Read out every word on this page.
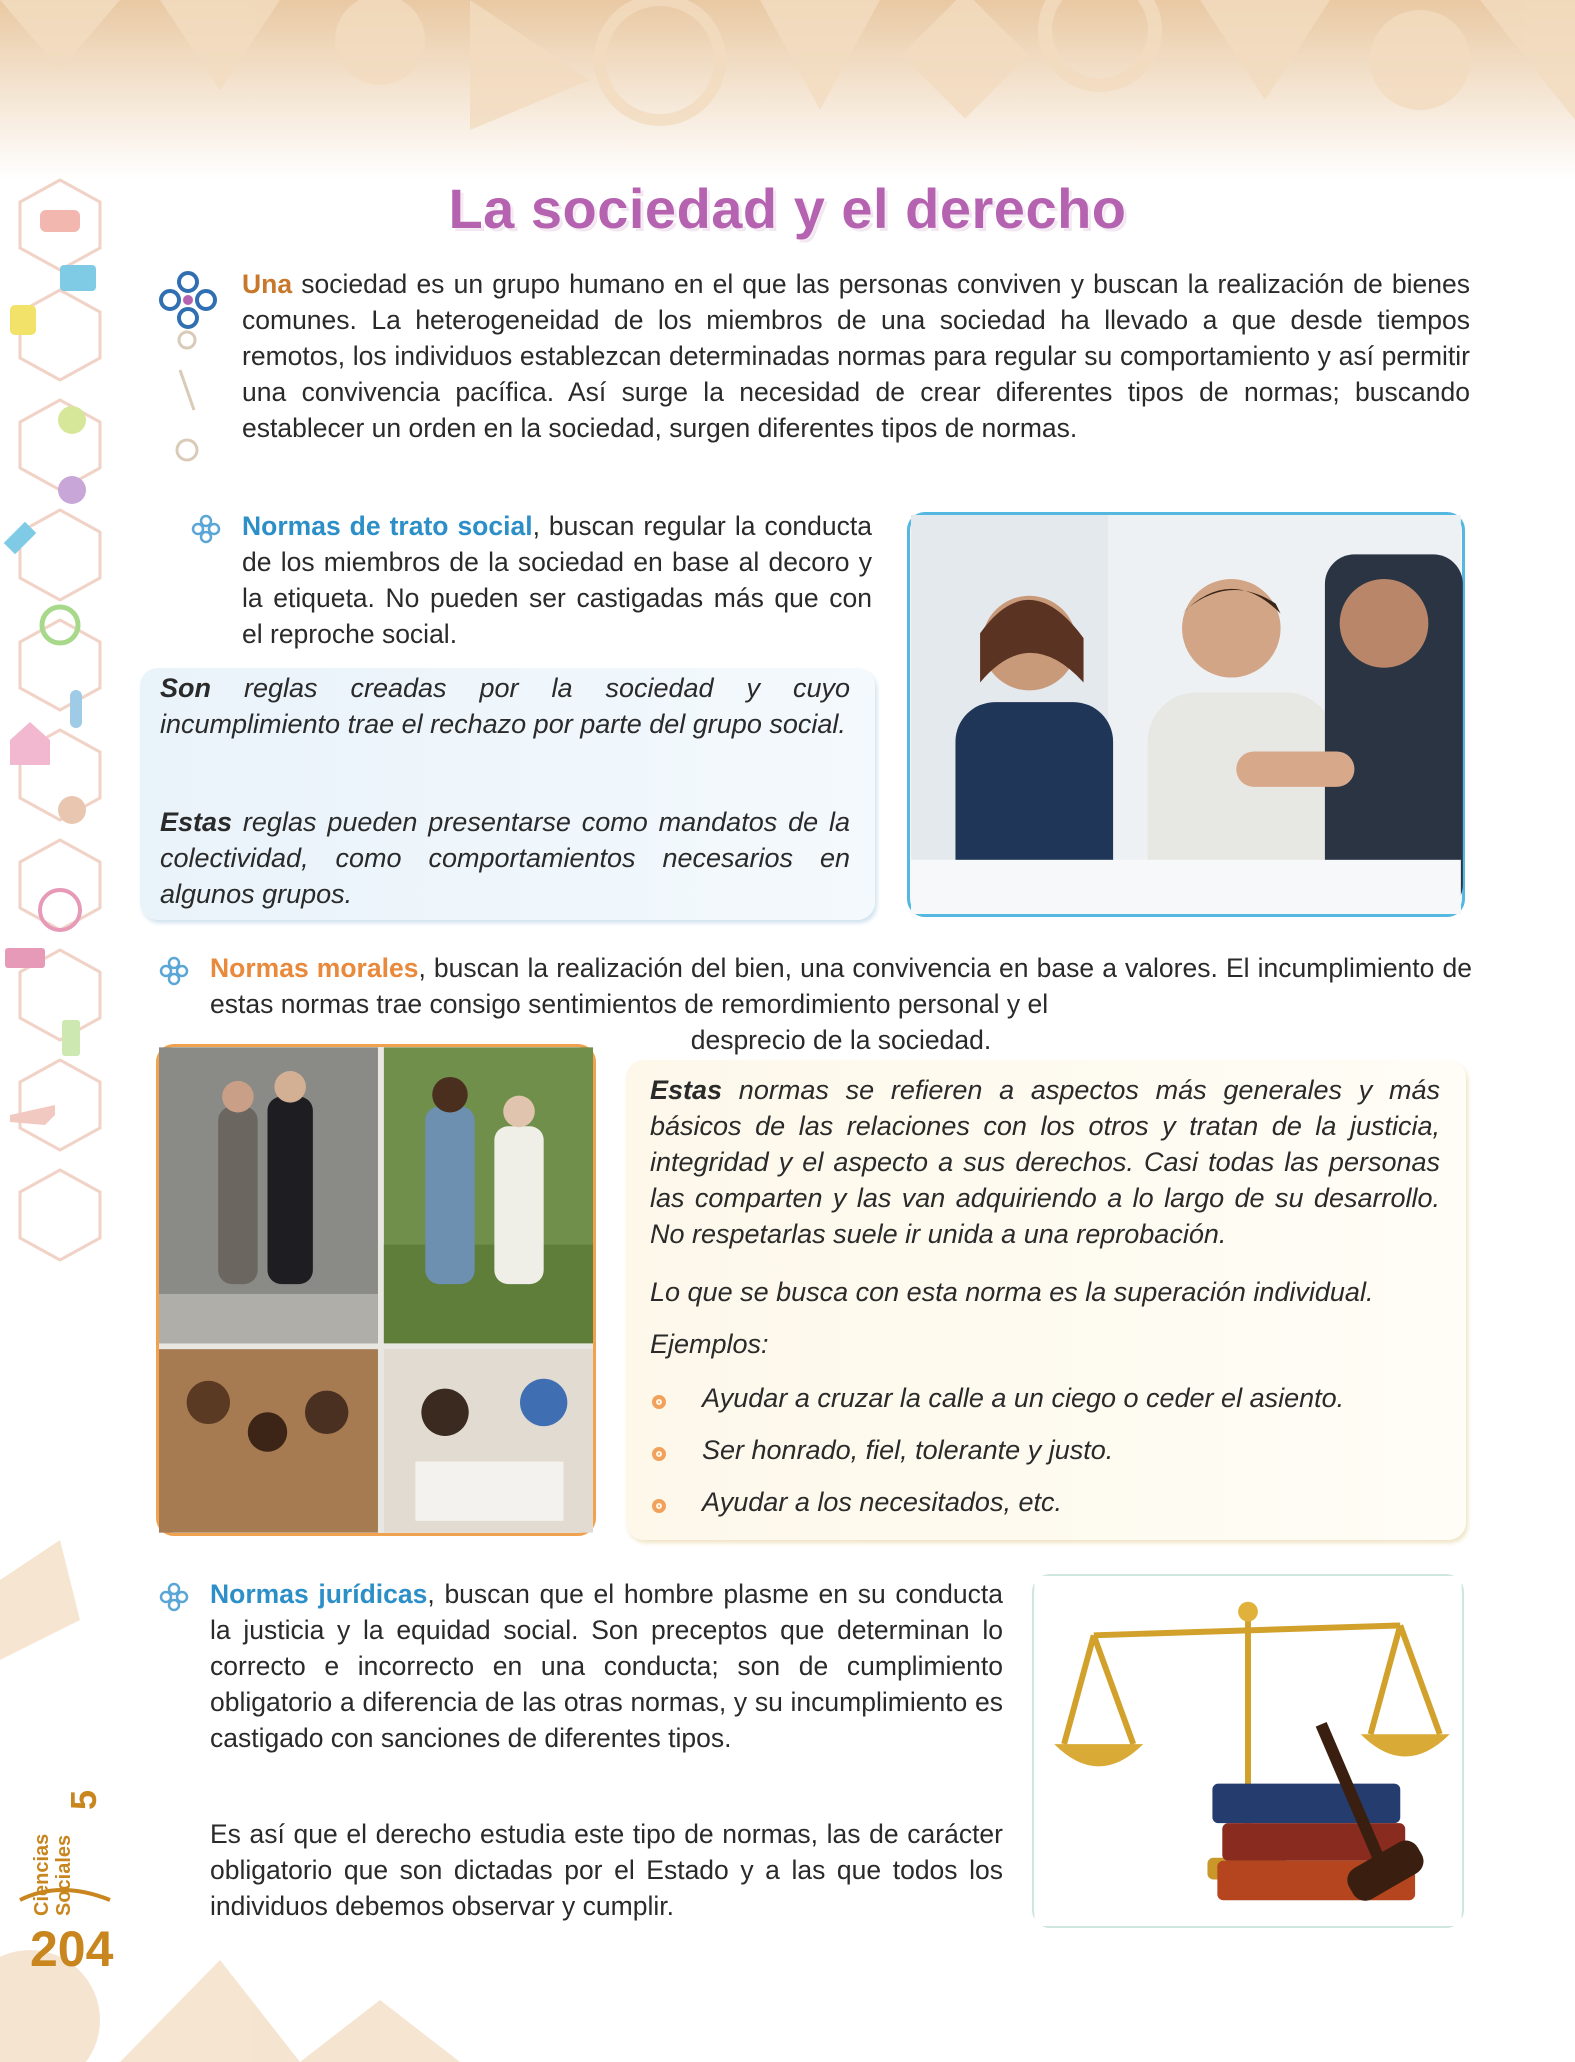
La sociedad y el derecho

Una sociedad es un grupo humano en el que las personas conviven y buscan la realización de bienes comunes. La heterogeneidad de los miembros de una sociedad ha llevado a que desde tiempos remotos, los individuos establezcan determinadas normas para regular su comportamiento y así permitir una convivencia pacífica. Así surge la necesidad de crear diferentes tipos de normas; buscando establecer un orden en la sociedad, surgen diferentes tipos de normas.

Normas de trato social, buscan regular la conducta de los miembros de la sociedad en base al decoro y la etiqueta. No pueden ser castigadas más que con el reproche social.

Son reglas creadas por la sociedad y cuyo incumplimiento trae el rechazo por parte del grupo social.

Estas reglas pueden presentarse como mandatos de la colectividad, como comportamientos necesarios en algunos grupos.

Normas morales, buscan la realización del bien, una convivencia en base a valores. El incumplimiento de estas normas trae consigo sentimientos de remordimiento personal y el
desprecio de la sociedad.

Estas normas se refieren a aspectos más generales y más básicos de las relaciones con los otros y tratan de la justicia, integridad y el aspecto a sus derechos. Casi todas las personas las comparten y las van adquiriendo a lo largo de su desarrollo. No respetarlas suele ir unida a una reprobación.

Lo que se busca con esta norma es la superación individual.

Ejemplos:

Ayudar a cruzar la calle a un ciego o ceder el asiento.

Ser honrado, fiel, tolerante y justo.

Ayudar a los necesitados, etc.

Normas jurídicas, buscan que el hombre plasme en su conducta la justicia y la equidad social. Son preceptos que determinan lo correcto e incorrecto en una conducta; son de cumplimiento obligatorio a diferencia de las otras normas, y su incumplimiento es castigado con sanciones de diferentes tipos.

Es así que el derecho estudia este tipo de normas, las de carácter obligatorio que son dictadas por el Estado y a las que todos los individuos debemos observar y cumplir.

Ciencias Sociales
5
204
